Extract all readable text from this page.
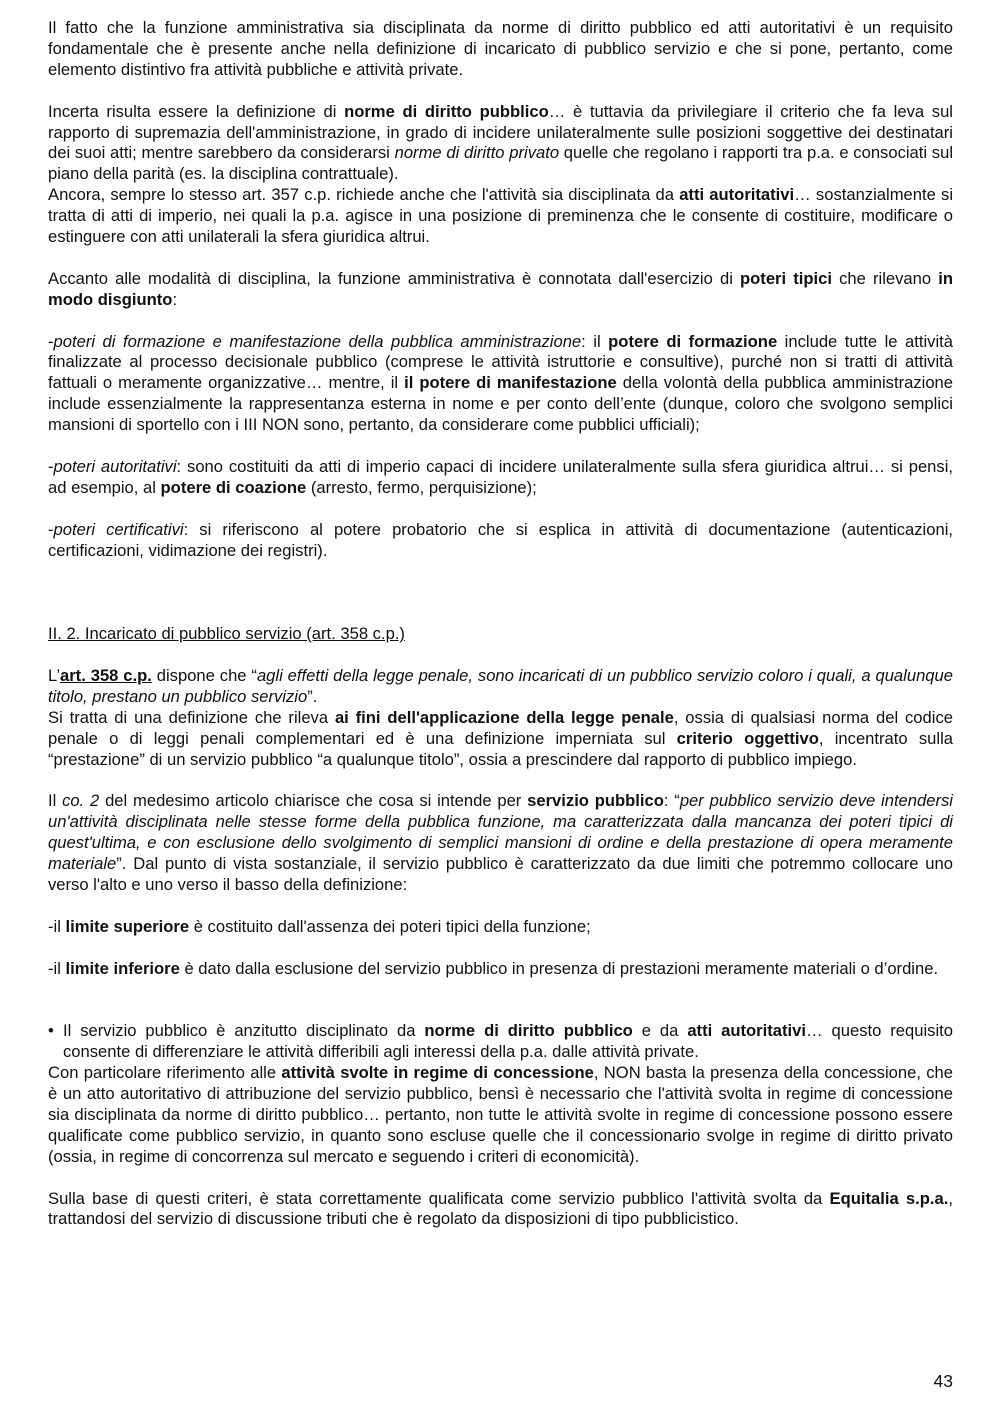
Il fatto che la funzione amministrativa sia disciplinata da norme di diritto pubblico ed atti autoritativi è un requisito fondamentale che è presente anche nella definizione di incaricato di pubblico servizio e che si pone, pertanto, come elemento distintivo fra attività pubbliche e attività private.

Incerta risulta essere la definizione di norme di diritto pubblico… è tuttavia da privilegiare il criterio che fa leva sul rapporto di supremazia dell'amministrazione, in grado di incidere unilateralmente sulle posizioni soggettive dei destinatari dei suoi atti; mentre sarebbero da considerarsi norme di diritto privato quelle che regolano i rapporti tra p.a. e consociati sul piano della parità (es. la disciplina contrattuale).

Ancora, sempre lo stesso art. 357 c.p. richiede anche che l'attività sia disciplinata da atti autoritativi… sostanzialmente si tratta di atti di imperio, nei quali la p.a. agisce in una posizione di preminenza che le consente di costituire, modificare o estinguere con atti unilaterali la sfera giuridica altrui.

Accanto alle modalità di disciplina, la funzione amministrativa è connotata dall'esercizio di poteri tipici che rilevano in modo disgiunto:

-poteri di formazione e manifestazione della pubblica amministrazione: il potere di formazione include tutte le attività finalizzate al processo decisionale pubblico (comprese le attività istruttorie e consultive), purché non si tratti di attività fattuali o meramente organizzative… mentre, il il potere di manifestazione della volontà della pubblica amministrazione include essenzialmente la rappresentanza esterna in nome e per conto dell’ente (dunque, coloro che svolgono semplici mansioni di sportello con i III NON sono, pertanto, da considerare come pubblici ufficiali);

-poteri autoritativi: sono costituiti da atti di imperio capaci di incidere unilateralmente sulla sfera giuridica altrui… si pensi, ad esempio, al potere di coazione (arresto, fermo, perquisizione);

-poteri certificativi: si riferiscono al potere probatorio che si esplica in attività di documentazione (autenticazioni, certificazioni, vidimazione dei registri).

II. 2. Incaricato di pubblico servizio (art. 358 c.p.)

L’art. 358 c.p. dispone che “agli effetti della legge penale, sono incaricati di un pubblico servizio coloro i quali, a qualunque titolo, prestano un pubblico servizio”.

Si tratta di una definizione che rileva ai fini dell'applicazione della legge penale, ossia di qualsiasi norma del codice penale o di leggi penali complementari ed è una definizione imperniata sul criterio oggettivo, incentrato sulla “prestazione” di un servizio pubblico “a qualunque titolo”, ossia a prescindere dal rapporto di pubblico impiego.

Il co. 2 del medesimo articolo chiarisce che cosa si intende per servizio pubblico: “per pubblico servizio deve intendersi un'attività disciplinata nelle stesse forme della pubblica funzione, ma caratterizzata dalla mancanza dei poteri tipici di quest'ultima, e con esclusione dello svolgimento di semplici mansioni di ordine e della prestazione di opera meramente materiale”. Dal punto di vista sostanziale, il servizio pubblico è caratterizzato da due limiti che potremmo collocare uno verso l'alto e uno verso il basso della definizione:

-il limite superiore è costituito dall'assenza dei poteri tipici della funzione;

-il limite inferiore è dato dalla esclusione del servizio pubblico in presenza di prestazioni meramente materiali o d’ordine.

• Il servizio pubblico è anzitutto disciplinato da norme di diritto pubblico e da atti autoritativi… questo requisito consente di differenziare le attività differibili agli interessi della p.a. dalle attività private.

Con particolare riferimento alle attività svolte in regime di concessione, NON basta la presenza della concessione, che è un atto autoritativo di attribuzione del servizio pubblico, bensì è necessario che l'attività svolta in regime di concessione sia disciplinata da norme di diritto pubblico… pertanto, non tutte le attività svolte in regime di concessione possono essere qualificate come pubblico servizio, in quanto sono escluse quelle che il concessionario svolge in regime di diritto privato (ossia, in regime di concorrenza sul mercato e seguendo i criteri di economicità).

Sulla base di questi criteri, è stata correttamente qualificata come servizio pubblico l'attività svolta da Equitalia s.p.a., trattandosi del servizio di discussione tributi che è regolato da disposizioni di tipo pubblicistico.

43
